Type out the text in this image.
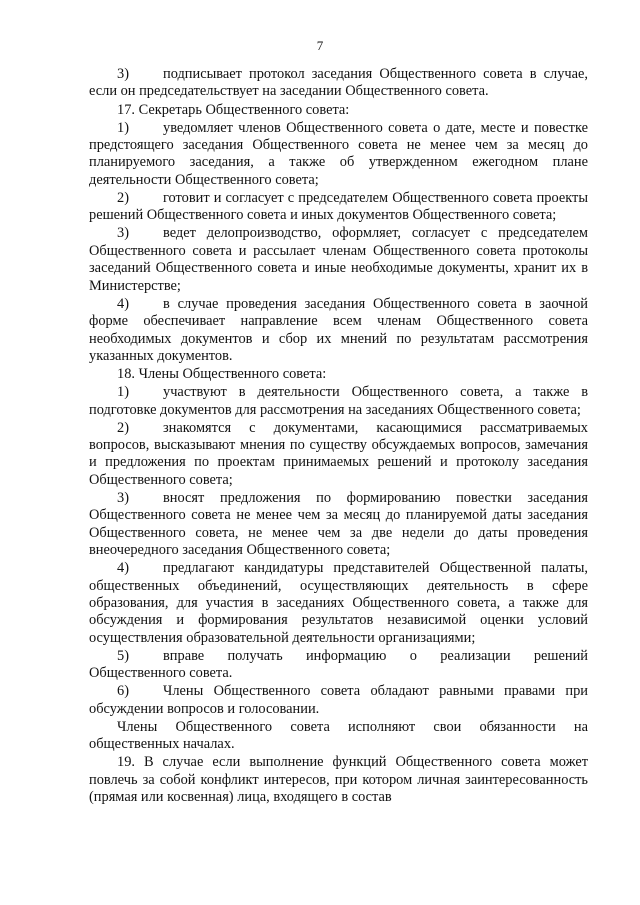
7

3) подписывает протокол заседания Общественного совета в случае, если он председательствует на заседании Общественного совета.

17. Секретарь Общественного совета:

1) уведомляет членов Общественного совета о дате, месте и повестке предстоящего заседания Общественного совета не менее чем за месяц до планируемого заседания, а также об утвержденном ежегодном плане деятельности Общественного совета;

2) готовит и согласует с председателем Общественного совета проекты решений Общественного совета и иных документов Общественного совета;

3) ведет делопроизводство, оформляет, согласует с председателем Общественного совета и рассылает членам Общественного совета протоколы заседаний Общественного совета и иные необходимые документы, хранит их в Министерстве;

4) в случае проведения заседания Общественного совета в заочной форме обеспечивает направление всем членам Общественного совета необходимых документов и сбор их мнений по результатам рассмотрения указанных документов.

18. Члены Общественного совета:

1) участвуют в деятельности Общественного совета, а также в подготовке документов для рассмотрения на заседаниях Общественного совета;

2) знакомятся с документами, касающимися рассматриваемых вопросов, высказывают мнения по существу обсуждаемых вопросов, замечания и предложения по проектам принимаемых решений и протоколу заседания Общественного совета;

3) вносят предложения по формированию повестки заседания Общественного совета не менее чем за месяц до планируемой даты заседания Общественного совета, не менее чем за две недели до даты проведения внеочередного заседания Общественного совета;

4) предлагают кандидатуры представителей Общественной палаты, общественных объединений, осуществляющих деятельность в сфере образования, для участия в заседаниях Общественного совета, а также для обсуждения и формирования результатов независимой оценки условий осуществления образовательной деятельности организациями;

5) вправе получать информацию о реализации решений Общественного совета.

6) Члены Общественного совета обладают равными правами при обсуждении вопросов и голосовании.

Члены Общественного совета исполняют свои обязанности на общественных началах.

19. В случае если выполнение функций Общественного совета может повлечь за собой конфликт интересов, при котором личная заинтересованность (прямая или косвенная) лица, входящего в состав
